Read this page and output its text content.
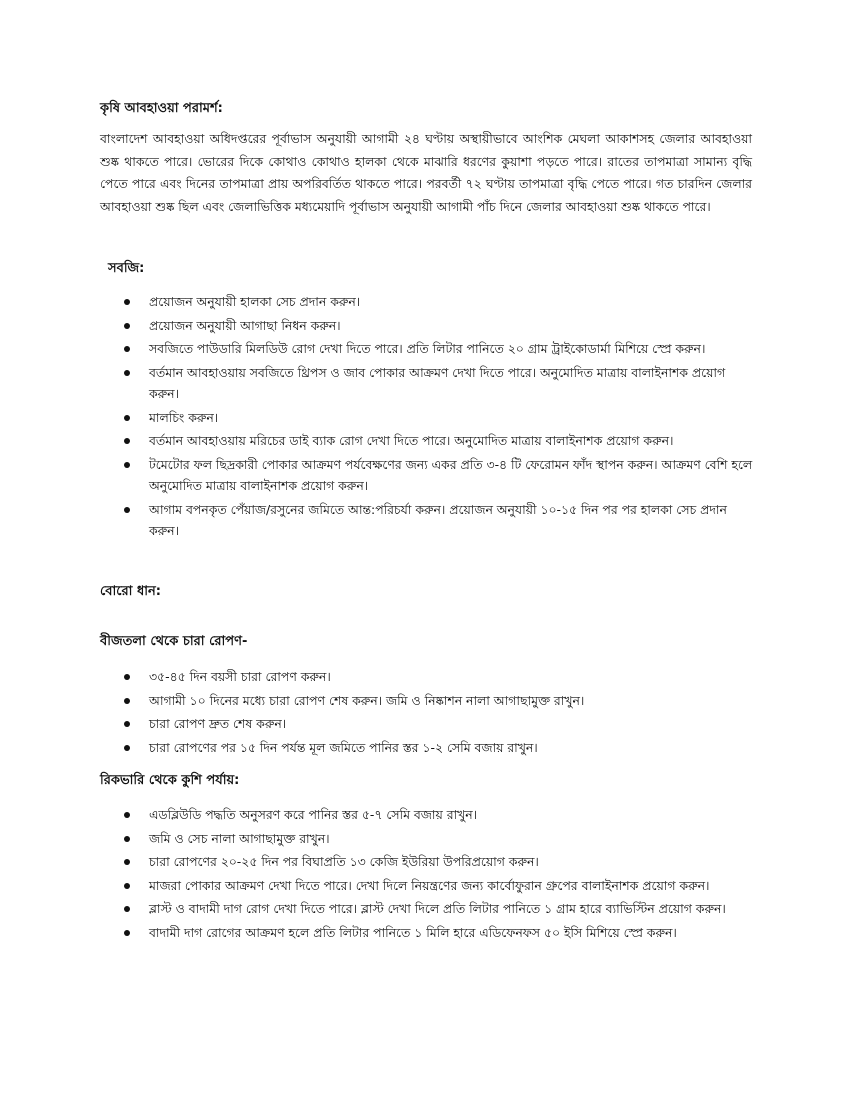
কৃষি আবহাওয়া পরামর্শ:

বাংলাদেশ আবহাওয়া অধিদপ্তরের পূর্বাভাস অনুযায়ী আগামী ২৪ ঘণ্টায় অস্থায়ীভাবে আংশিক মেঘলা আকাশসহ জেলার আবহাওয়া শুষ্ক থাকতে পারে। ভোরের দিকে কোথাও কোথাও হালকা থেকে মাঝারি ধরণের কুয়াশা পড়তে পারে। রাতের তাপমাত্রা সামান্য বৃদ্ধি পেতে পারে এবং দিনের তাপমাত্রা প্রায় অপরিবর্তিত থাকতে পারে। পরবর্তী ৭২ ঘণ্টায় তাপমাত্রা বৃদ্ধি পেতে পারে। গত চারদিন জেলার আবহাওয়া শুষ্ক ছিল এবং জেলাভিত্তিক মধ্যমেয়াদি পূর্বাভাস অনুযায়ী আগামী পাঁচ দিনে জেলার আবহাওয়া শুষ্ক থাকতে পারে।

সবজি:
প্রয়োজন অনুযায়ী হালকা সেচ প্রদান করুন।
প্রয়োজন অনুযায়ী আগাছা নিধন করুন।
সবজিতে পাউডারি মিলডিউ রোগ দেখা দিতে পারে। প্রতি লিটার পানিতে ২০ গ্রাম ট্রাইকোডার্মা মিশিয়ে স্প্রে করুন।
বর্তমান আবহাওয়ায় সবজিতে থ্রিপস ও জাব পোকার আক্রমণ দেখা দিতে পারে। অনুমোদিত মাত্রায় বালাইনাশক প্রয়োগ করুন।
মালচিং করুন।
বর্তমান আবহাওয়ায় মরিচের ডাই ব্যাক রোগ দেখা দিতে পারে। অনুমোদিত মাত্রায় বালাইনাশক প্রয়োগ করুন।
টমেটোর ফল ছিদ্রকারী পোকার আক্রমণ পর্যবেক্ষণের জন্য একর প্রতি ৩-৪ টি ফেরোমন ফাঁদ স্থাপন করুন। আক্রমণ বেশি হলে অনুমোদিত মাত্রায় বালাইনাশক প্রয়োগ করুন।
আগাম বপনকৃত পেঁয়াজ/রসুনের জমিতে আন্ত:পরিচর্যা করুন। প্রয়োজন অনুযায়ী ১০-১৫ দিন পর পর হালকা সেচ প্রদান করুন।
বোরো ধান:
বীজতলা থেকে চারা রোপণ-
৩৫-৪৫ দিন বয়সী চারা রোপণ করুন।
আগামী ১০ দিনের মধ্যে চারা রোপণ শেষ করুন। জমি ও নিষ্কাশন নালা আগাছামুক্ত রাখুন।
চারা রোপণ দ্রুত শেষ করুন।
চারা রোপণের পর ১৫ দিন পর্যন্ত মূল জমিতে পানির স্তর ১-২ সেমি বজায় রাখুন।
রিকভারি থেকে কুশি পর্যায়:
এডব্লিউডি পদ্ধতি অনুসরণ করে পানির স্তর ৫-৭ সেমি বজায় রাখুন।
জমি ও সেচ নালা আগাছামুক্ত রাখুন।
চারা রোপণের ২০-২৫ দিন পর বিঘাপ্রতি ১৩ কেজি ইউরিয়া উপরিপ্রয়োগ করুন।
মাজরা পোকার আক্রমণ দেখা দিতে পারে। দেখা দিলে নিয়ন্ত্রণের জন্য কার্বোফুরান গ্রুপের বালাইনাশক প্রয়োগ করুন।
ব্লাস্ট ও বাদামী দাগ রোগ দেখা দিতে পারে। ব্লাস্ট দেখা দিলে প্রতি লিটার পানিতে ১ গ্রাম হারে ব্যাভিস্টিন প্রয়োগ করুন।
বাদামী দাগ রোগের আক্রমণ হলে প্রতি লিটার পানিতে ১ মিলি হারে এডিফেনফস ৫০ ইসি মিশিয়ে স্প্রে করুন।
